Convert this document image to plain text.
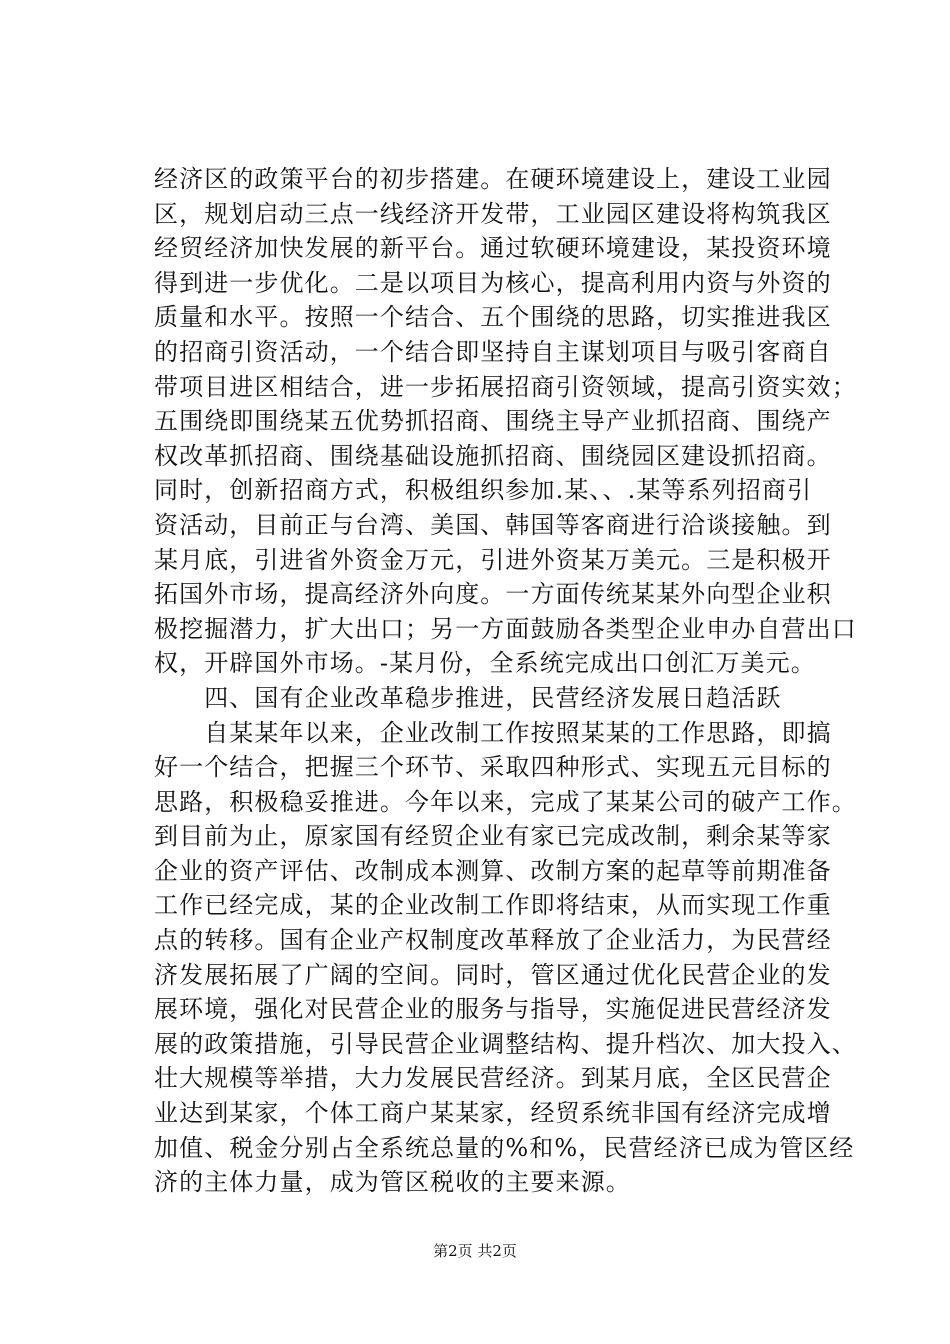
经济区的政策平台的初步搭建。在硬环境建设上，建设工业园
区，规划启动三点一线经济开发带，工业园区建设将构筑我区
经贸经济加快发展的新平台。通过软硬环境建设，某投资环境
得到进一步优化。二是以项目为核心，提高利用内资与外资的
质量和水平。按照一个结合、五个围绕的思路，切实推进我区
的招商引资活动，一个结合即坚持自主谋划项目与吸引客商自
带项目进区相结合，进一步拓展招商引资领域，提高引资实效；
五围绕即围绕某五优势抓招商、围绕主导产业抓招商、围绕产
权改革抓招商、围绕基础设施抓招商、围绕园区建设抓招商。
同时，创新招商方式，积极组织参加.某、、.某等系列招商引
资活动，目前正与台湾、美国、韩国等客商进行洽谈接触。到
某月底，引进省外资金万元，引进外资某万美元。三是积极开
拓国外市场，提高经济外向度。一方面传统某某外向型企业积
极挖掘潜力，扩大出口；另一方面鼓励各类型企业申办自营出口
权，开辟国外市场。-某月份，全系统完成出口创汇万美元。
　　四、国有企业改革稳步推进，民营经济发展日趋活跃
　　自某某年以来，企业改制工作按照某某的工作思路，即搞
好一个结合，把握三个环节、采取四种形式、实现五元目标的
思路，积极稳妥推进。今年以来，完成了某某公司的破产工作。
到目前为止，原家国有经贸企业有家已完成改制，剩余某等家
企业的资产评估、改制成本测算、改制方案的起草等前期准备
工作已经完成，某的企业改制工作即将结束，从而实现工作重
点的转移。国有企业产权制度改革释放了企业活力，为民营经
济发展拓展了广阔的空间。同时，管区通过优化民营企业的发
展环境，强化对民营企业的服务与指导，实施促进民营经济发
展的政策措施，引导民营企业调整结构、提升档次、加大投入、
壮大规模等举措，大力发展民营经济。到某月底，全区民营企
业达到某家，个体工商户某某家，经贸系统非国有经济完成增
加值、税金分别占全系统总量的%和%，民营经济已成为管区经
济的主体力量，成为管区税收的主要来源。
第2页 共2页
